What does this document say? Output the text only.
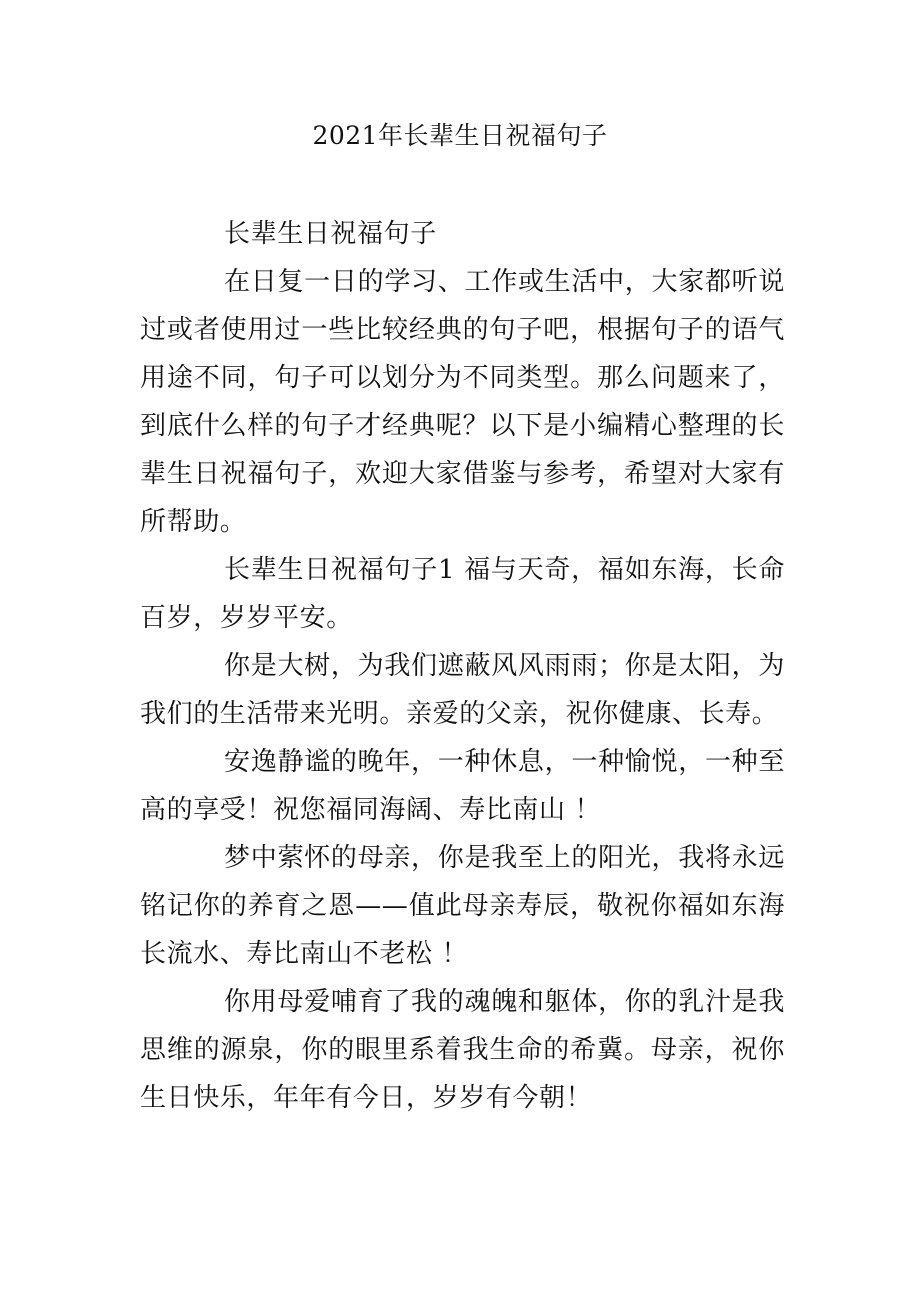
2021年长辈生日祝福句子

长辈生日祝福句子

在日复一日的学习、工作或生活中，大家都听说过或者使用过一些比较经典的句子吧，根据句子的语气用途不同，句子可以划分为不同类型。那么问题来了，到底什么样的句子才经典呢？以下是小编精心整理的长辈生日祝福句子，欢迎大家借鉴与参考，希望对大家有所帮助。

长辈生日祝福句子1 福与天奇，福如东海，长命百岁，岁岁平安。

你是大树，为我们遮蔽风风雨雨；你是太阳，为我们的生活带来光明。亲爱的父亲，祝你健康、长寿。

安逸静谧的晚年，一种休息，一种愉悦，一种至高的享受！祝您福同海阔、寿比南山 ！

梦中萦怀的母亲，你是我至上的阳光，我将永远铭记你的养育之恩——值此母亲寿辰，敬祝你福如东海长流水、寿比南山不老松 ！

你用母爱哺育了我的魂魄和躯体，你的乳汁是我思维的源泉，你的眼里系着我生命的希冀。母亲，祝你生日快乐，年年有今日，岁岁有今朝！
